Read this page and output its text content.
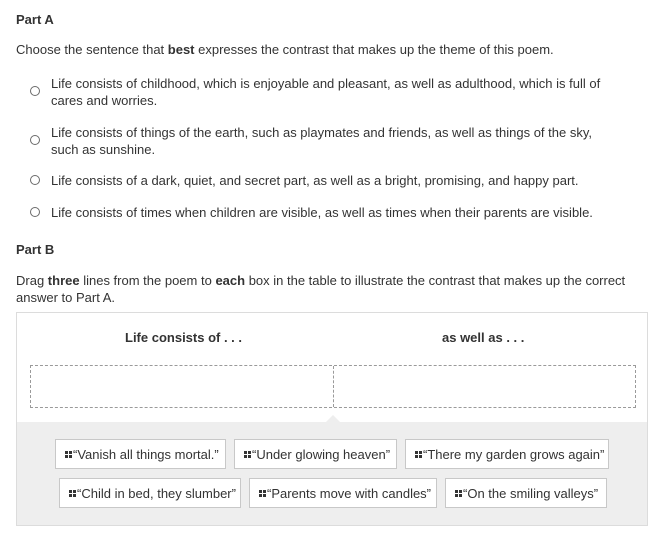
Part A
Choose the sentence that best expresses the contrast that makes up the theme of this poem.
Life consists of childhood, which is enjoyable and pleasant, as well as adulthood, which is full of cares and worries.
Life consists of things of the earth, such as playmates and friends, as well as things of the sky, such as sunshine.
Life consists of a dark, quiet, and secret part, as well as a bright, promising, and happy part.
Life consists of times when children are visible, as well as times when their parents are visible.
Part B
Drag three lines from the poem to each box in the table to illustrate the contrast that makes up the correct answer to Part A.
Life consists of . . .	as well as . . .
“Vanish all things mortal.”	“Under glowing heaven”	“There my garden grows again”
“Child in bed, they slumber” “Parents move with candles” “On the smiling valleys”
